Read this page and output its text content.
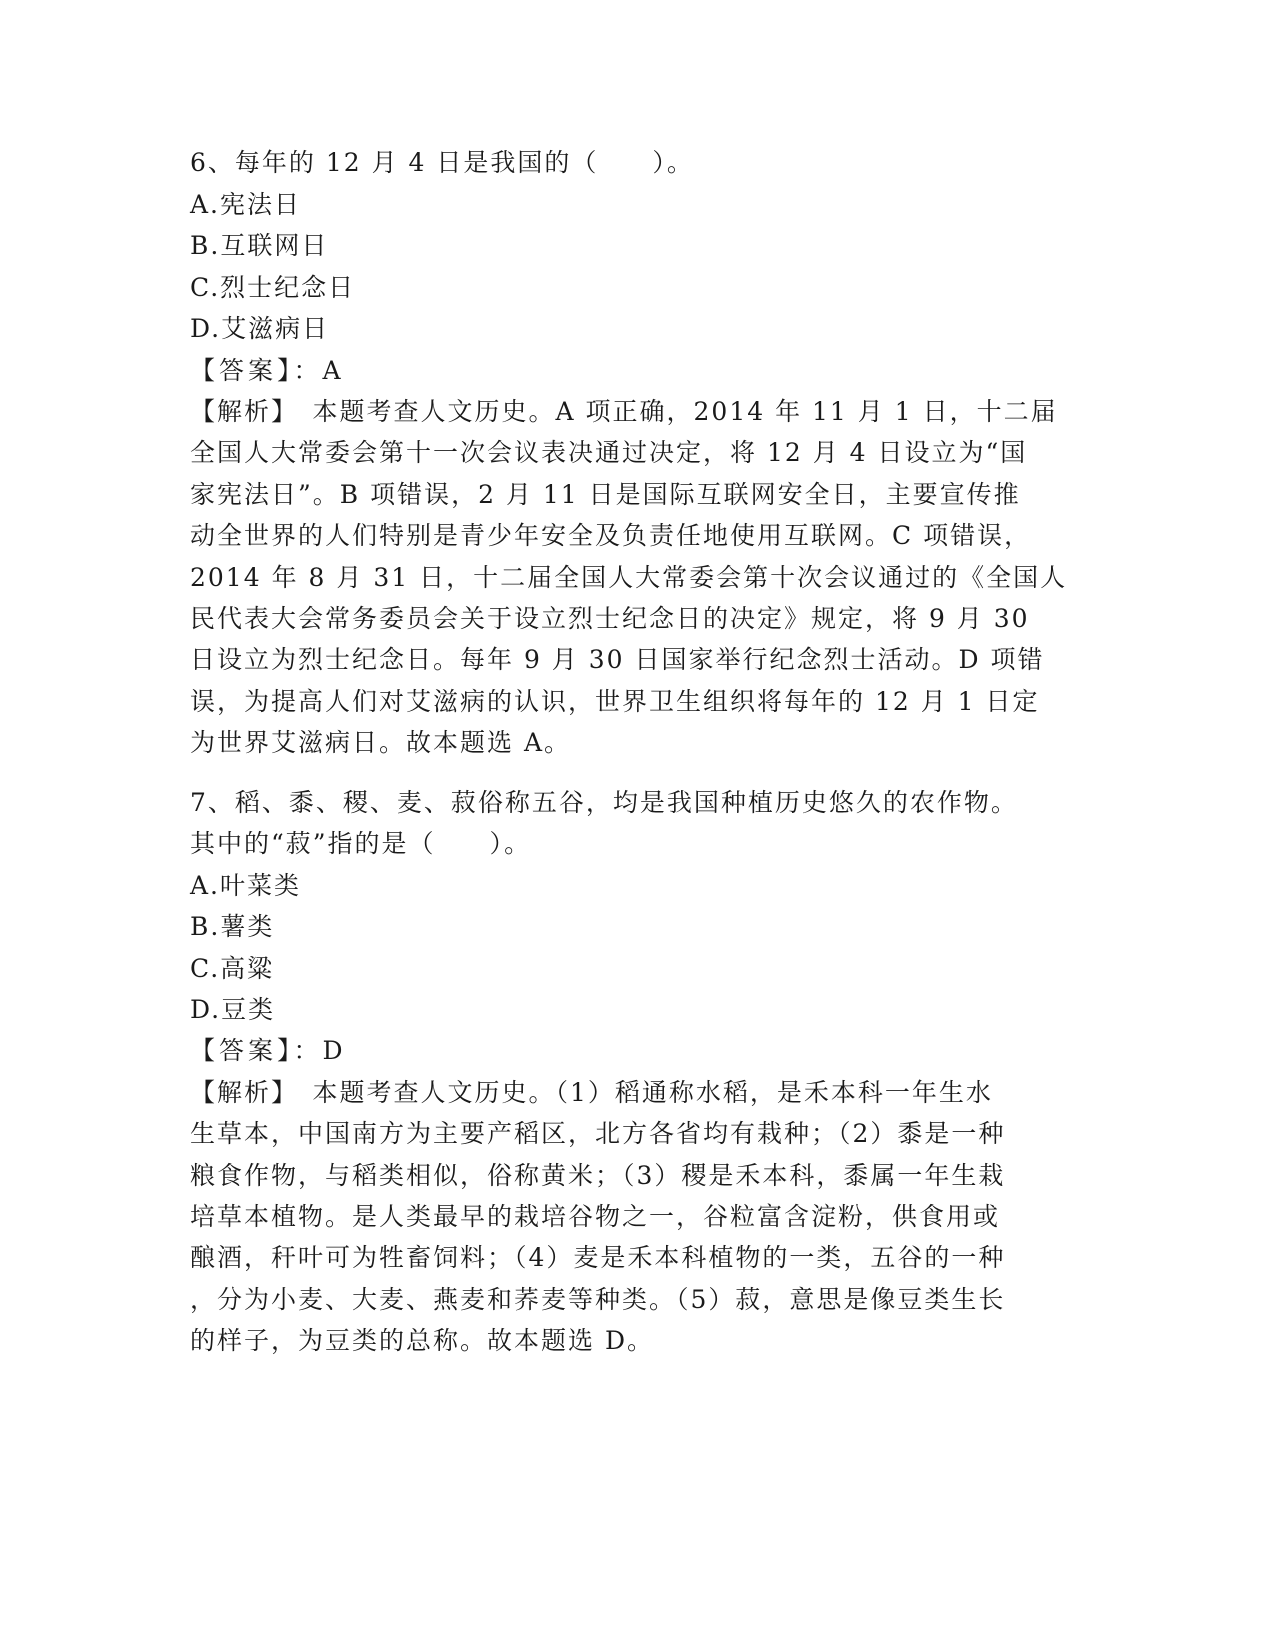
6、每年的 12 月 4 日是我国的（　　）。
A.宪法日
B.互联网日
C.烈士纪念日
D.艾滋病日
【答案】：A
【解析】　本题考查人文历史。A 项正确，2014 年 11 月 1 日，十二届
全国人大常委会第十一次会议表决通过决定，将 12 月 4 日设立为“国
家宪法日”。B 项错误，2 月 11 日是国际互联网安全日，主要宣传推
动全世界的人们特别是青少年安全及负责任地使用互联网。C 项错误，
2014 年 8 月 31 日，十二届全国人大常委会第十次会议通过的《全国人
民代表大会常务委员会关于设立烈士纪念日的决定》规定，将 9 月 30
日设立为烈士纪念日。每年 9 月 30 日国家举行纪念烈士活动。D 项错
误，为提高人们对艾滋病的认识，世界卫生组织将每年的 12 月 1 日定
为世界艾滋病日。故本题选 A。
7、稻、黍、稷、麦、菽俗称五谷，均是我国种植历史悠久的农作物。
其中的“菽”指的是（　　）。
A.叶菜类
B.薯类
C.高粱
D.豆类
【答案】：D
【解析】　本题考查人文历史。（1）稻通称水稻，是禾本科一年生水
生草本，中国南方为主要产稻区，北方各省均有栽种；（2）黍是一种
粮食作物，与稻类相似，俗称黄米；（3）稷是禾本科，黍属一年生栽
培草本植物。是人类最早的栽培谷物之一，谷粒富含淀粉，供食用或
酿酒，秆叶可为牲畜饲料；（4）麦是禾本科植物的一类，五谷的一种
，分为小麦、大麦、燕麦和荞麦等种类。（5）菽，意思是像豆类生长
的样子，为豆类的总称。故本题选 D。
